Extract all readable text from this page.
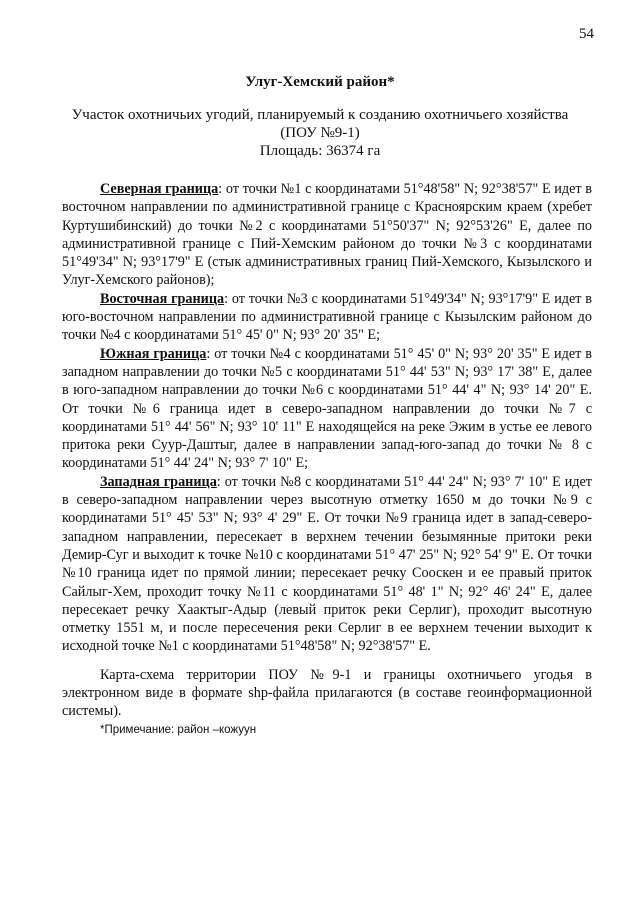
54
Улуг-Хемский район*
Участок охотничьих угодий, планируемый к созданию охотничьего хозяйства
(ПОУ №9-1)
Площадь: 36374 га

Северная граница: от точки №1 с координатами 51°48'58" N; 92°38'57" E идет в восточном направлении по административной границе с Красноярским краем (хребет Куртушибинский) до точки №2 с координатами 51°50'37" N; 92°53'26" E, далее по административной границе с Пий-Хемским районом до точки №3 с координатами 51°49'34" N; 93°17'9" E (стык административных границ Пий-Хемского, Кызылского и Улуг-Хемского районов);

Восточная граница: от точки №3 с координатами 51°49'34" N; 93°17'9" E идет в юго-восточном направлении по административной границе с Кызылским районом до точки №4 с координатами 51° 45' 0" N; 93° 20' 35" E;

Южная граница: от точки №4 с координатами 51° 45' 0" N; 93° 20' 35" E идет в западном направлении до точки №5 с координатами 51° 44' 53" N; 93° 17' 38" E, далее в юго-западном направлении до точки №6 с координатами 51° 44' 4" N; 93° 14' 20" E. От точки №6 граница идет в северо-западном направлении до точки №7 с координатами 51° 44' 56" N; 93° 10' 11" E находящейся на реке Эжим в устье ее левого притока реки Суур-Даштыг, далее в направлении запад-юго-запад до точки № 8 с координатами 51° 44' 24" N; 93° 7' 10" E;

Западная граница: от точки №8 с координатами 51° 44' 24" N; 93° 7' 10" E идет в северо-западном направлении через высотную отметку 1650 м до точки №9 с координатами 51° 45' 53" N; 93° 4' 29" E. От точки №9 граница идет в запад-северо-западном направлении, пересекает в верхнем течении безымянные притоки реки Демир-Суг и выходит к точке №10 с координатами 51° 47' 25" N; 92° 54' 9" E. От точки №10 граница идет по прямой линии; пересекает речку Сооскен и ее правый приток Сайлыг-Хем, проходит точку №11 с координатами 51° 48' 1" N; 92° 46' 24" E, далее пересекает речку Хаактыг-Адыр (левый приток реки Серлиг), проходит высотную отметку 1551 м, и после пересечения реки Серлиг в ее верхнем течении выходит к исходной точке №1 с координатами 51°48'58" N; 92°38'57" E.

Карта-схема территории ПОУ №9-1 и границы охотничьего угодья в электронном виде в формате shp-файла прилагаются (в составе геоинформационной системы).

*Примечание: район –кожуун
